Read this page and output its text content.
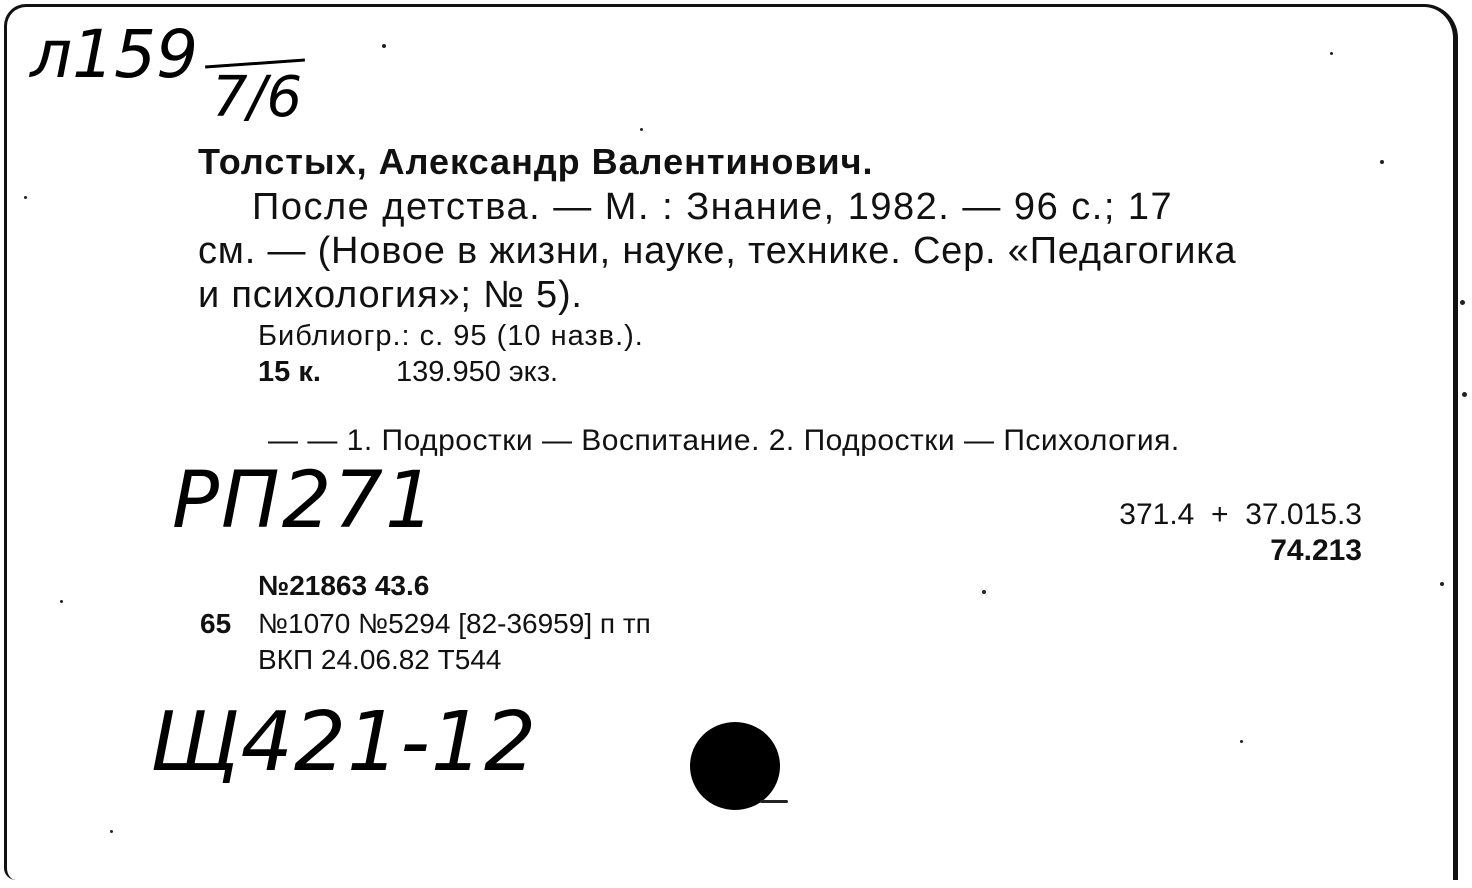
л159
7/6
Толстых, Александр Валентинович.
После детства. — М. : Знание, 1982. — 96 с.; 17
см. — (Новое в жизни, науке, технике. Сер. «Педагогика
и психология»; № 5).
Библиогр.: с. 95 (10 назв.).
15 к.	139.950 экз.
— — 1. Подростки — Воспитание. 2. Подростки — Психология.
РП271	371.4  +  37.015.3
74.213
№21863 43.6
65 №1070 №5294 [82-36959] п тп
ВКП 24.06.82 Т544
Щ421-12
